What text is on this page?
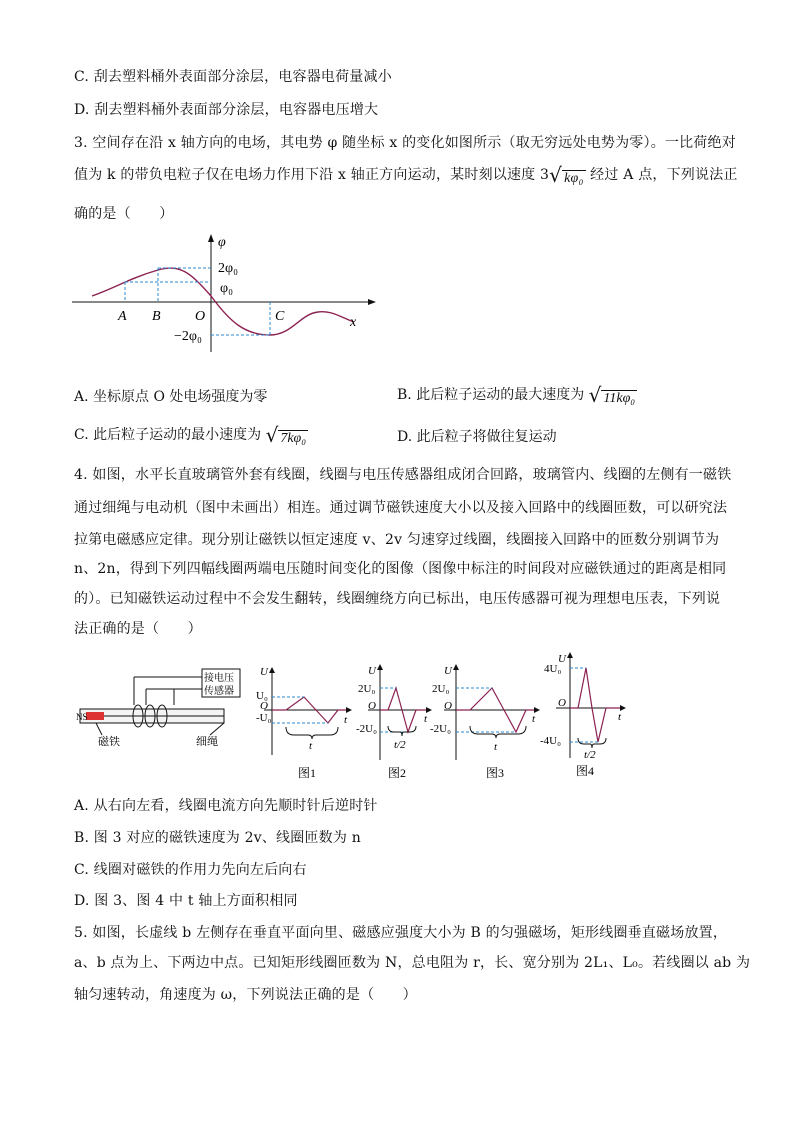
C. 刮去塑料桶外表面部分涂层，电容器电荷量减小
D. 刮去塑料桶外表面部分涂层，电容器电压增大
3. 空间存在沿 x 轴方向的电场，其电势 φ 随坐标 x 的变化如图所示（取无穷远处电势为零）。一比荷绝对
值为 k 的带负电粒子仅在电场力作用下沿 x 轴正方向运动，某时刻以速度 3√ kφ₀ 经过 A 点，下列说法正
确的是（　　）
φ
2φ₀
φ₀
A B O	C	x
−2φ₀
A. 坐标原点 O 处电场强度为零	B. 此后粒子运动的最大速度为 √ 11kφ₀
C. 此后粒子运动的最小速度为 √ 7kφ₀	D. 此后粒子将做往复运动
4. 如图，水平长直玻璃管外套有线圈，线圈与电压传感器组成闭合回路，玻璃管内、线圈的左侧有一磁铁
通过细绳与电动机（图中未画出）相连。通过调节磁铁速度大小以及接入回路中的线圈匝数，可以研究法
拉第电磁感应定律。现分别让磁铁以恒定速度 v、2v 匀速穿过线圈，线圈接入回路中的匝数分别调节为
n、2n，得到下列四幅线圈两端电压随时间变化的图像（图像中标注的时间段对应磁铁通过的距离是相同
的）。已知磁铁运动过程中不会发生翻转，线圈缠绕方向已标出，电压传感器可视为理想电压表，下列说
法正确的是（　　）
接电压
传感器
NS
磁铁	细绳
U
U₀
O
-U₀	t
t
图1
U
2U₀
O
-2U₀
t
t/2
图2
U
2U₀
O
-2U₀
t
t
图3
U
4U₀
O
-4U₀
t
t/2
图4
A. 从右向左看，线圈电流方向先顺时针后逆时针
B. 图 3 对应的磁铁速度为 2v、线圈匝数为 n
C. 线圈对磁铁的作用力先向左后向右
D. 图 3、图 4 中 t 轴上方面积相同
5. 如图，长虚线 b 左侧存在垂直平面向里、磁感应强度大小为 B 的匀强磁场，矩形线圈垂直磁场放置，
a、b 点为上、下两边中点。已知矩形线圈匝数为 N，总电阻为 r，长、宽分别为 2L₁、L₀。若线圈以 ab 为
轴匀速转动，角速度为 ω，下列说法正确的是（　　）
